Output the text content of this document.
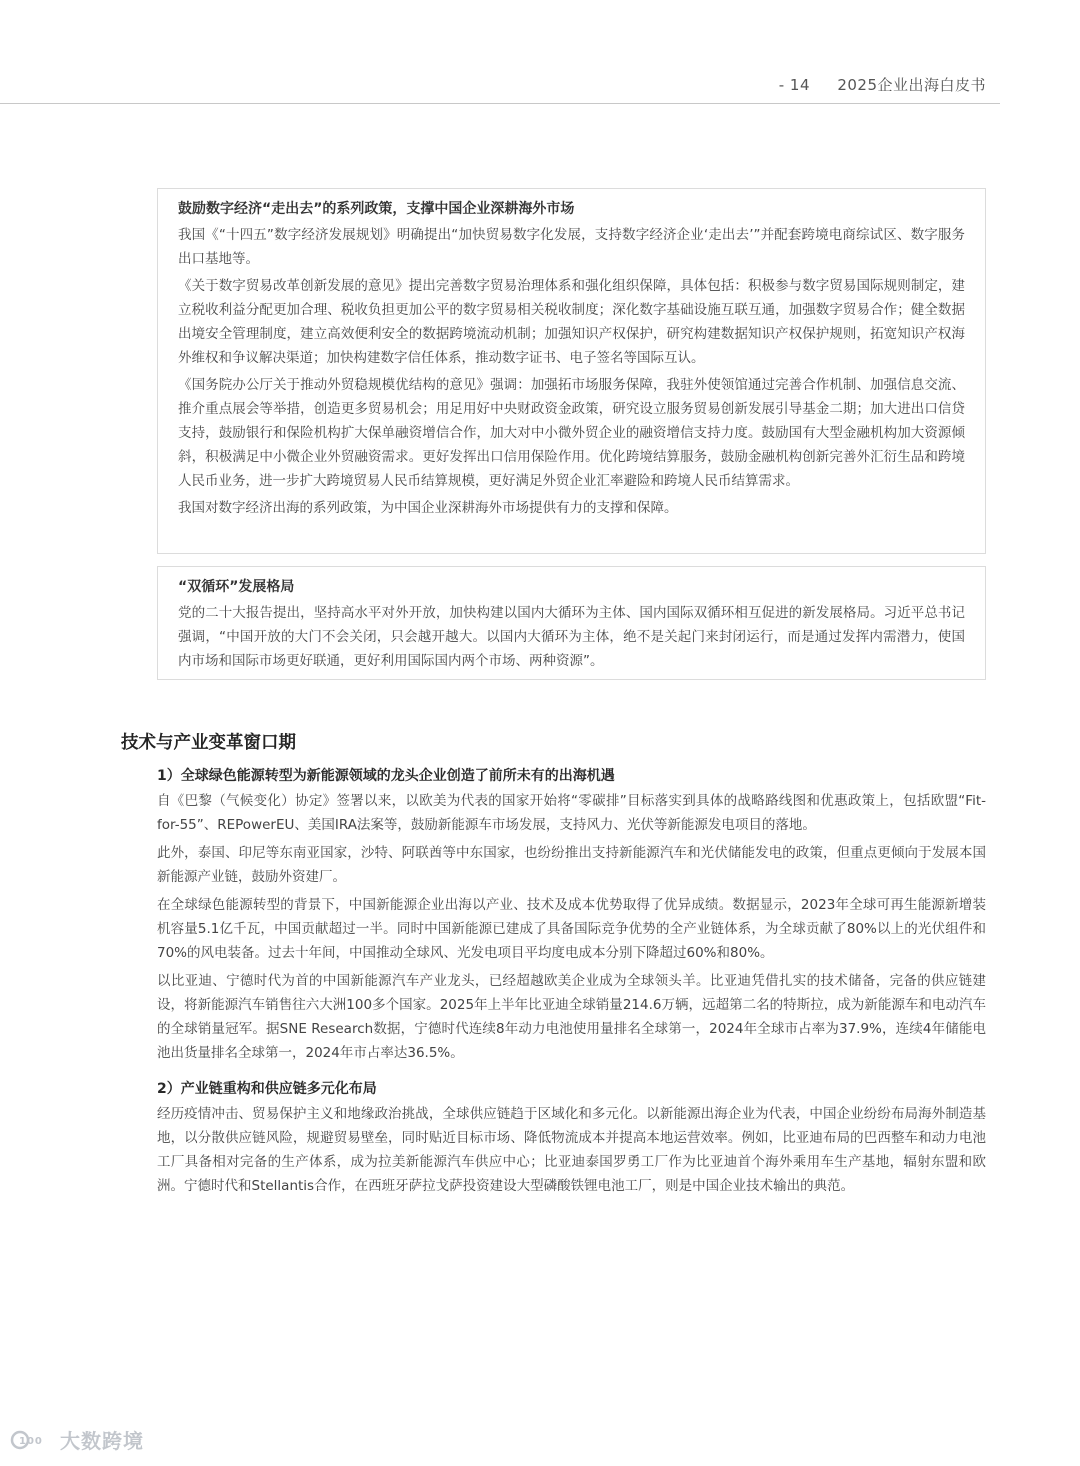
- 14 2025企业出海白皮书
鼓励数字经济“走出去”的系列政策，支撑中国企业深耕海外市场

我国《“十四五”数字经济发展规划》明确提出“加快贸易数字化发展，支持数字经济企业‘走出去’”并配套跨境电商综试区、数字服务出口基地等。

《关于数字贸易改革创新发展的意见》提出完善数字贸易治理体系和强化组织保障，具体包括：积极参与数字贸易国际规则制定，建立税收利益分配更加合理、税收负担更加公平的数字贸易相关税收制度；深化数字基础设施互联互通，加强数字贸易合作；健全数据出境安全管理制度，建立高效便利安全的数据跨境流动机制；加强知识产权保护，研究构建数据知识产权保护规则，拓宽知识产权海外维权和争议解决渠道；加快构建数字信任体系，推动数字证书、电子签名等国际互认。

《国务院办公厅关于推动外贸稳规模优结构的意见》强调：加强拓市场服务保障，我驻外使领馆通过完善合作机制、加强信息交流、推介重点展会等举措，创造更多贸易机会；用足用好中央财政资金政策，研究设立服务贸易创新发展引导基金二期；加大进出口信贷支持，鼓励银行和保险机构扩大保单融资增信合作，加大对中小微外贸企业的融资增信支持力度。鼓励国有大型金融机构加大资源倾斜，积极满足中小微企业外贸融资需求。更好发挥出口信用保险作用。优化跨境结算服务，鼓励金融机构创新完善外汇衍生品和跨境人民币业务，进一步扩大跨境贸易人民币结算规模，更好满足外贸企业汇率避险和跨境人民币结算需求。

我国对数字经济出海的系列政策，为中国企业深耕海外市场提供有力的支撑和保障。

“双循环”发展格局

党的二十大报告提出，坚持高水平对外开放，加快构建以国内大循环为主体、国内国际双循环相互促进的新发展格局。习近平总书记强调，“中国开放的大门不会关闭，只会越开越大。以国内大循环为主体，绝不是关起门来封闭运行，而是通过发挥内需潜力，使国内市场和国际市场更好联通，更好利用国际国内两个市场、两种资源”。

技术与产业变革窗口期
1）全球绿色能源转型为新能源领域的龙头企业创造了前所未有的出海机遇

自《巴黎（气候变化）协定》签署以来，以欧美为代表的国家开始将“零碳排”目标落实到具体的战略路线图和优惠政策上，包括欧盟“Fit-for-55”、REPowerEU、美国IRA法案等，鼓励新能源车市场发展，支持风力、光伏等新能源发电项目的落地。

此外，泰国、印尼等东南亚国家，沙特、阿联酋等中东国家，也纷纷推出支持新能源汽车和光伏储能发电的政策，但重点更倾向于发展本国新能源产业链，鼓励外资建厂。

在全球绿色能源转型的背景下，中国新能源企业出海以产业、技术及成本优势取得了优异成绩。数据显示，2023年全球可再生能源新增装机容量5.1亿千瓦，中国贡献超过一半。同时中国新能源已建成了具备国际竞争优势的全产业链体系，为全球贡献了80%以上的光伏组件和70%的风电装备。过去十年间，中国推动全球风、光发电项目平均度电成本分别下降超过60%和80%。

以比亚迪、宁德时代为首的中国新能源汽车产业龙头，已经超越欧美企业成为全球领头羊。比亚迪凭借扎实的技术储备，完备的供应链建设，将新能源汽车销售往六大洲100多个国家。2025年上半年比亚迪全球销量214.6万辆，远超第二名的特斯拉，成为新能源车和电动汽车的全球销量冠军。据SNE Research数据，宁德时代连续8年动力电池使用量排名全球第一，2024年全球市占率为37.9%，连续4年储能电池出货量排名全球第一，2024年市占率达36.5%。

2）产业链重构和供应链多元化布局

经历疫情冲击、贸易保护主义和地缘政治挑战，全球供应链趋于区域化和多元化。以新能源出海企业为代表，中国企业纷纷布局海外制造基地，以分散供应链风险，规避贸易壁垒，同时贴近目标市场、降低物流成本并提高本地运营效率。例如，比亚迪布局的巴西整车和动力电池工厂具备相对完备的生产体系，成为拉美新能源汽车供应中心；比亚迪泰国罗勇工厂作为比亚迪首个海外乘用车生产基地，辐射东盟和欧洲。宁德时代和Stellantis合作，在西班牙萨拉戈萨投资建设大型磷酸铁锂电池工厂，则是中国企业技术输出的典范。

100 大数跨境
